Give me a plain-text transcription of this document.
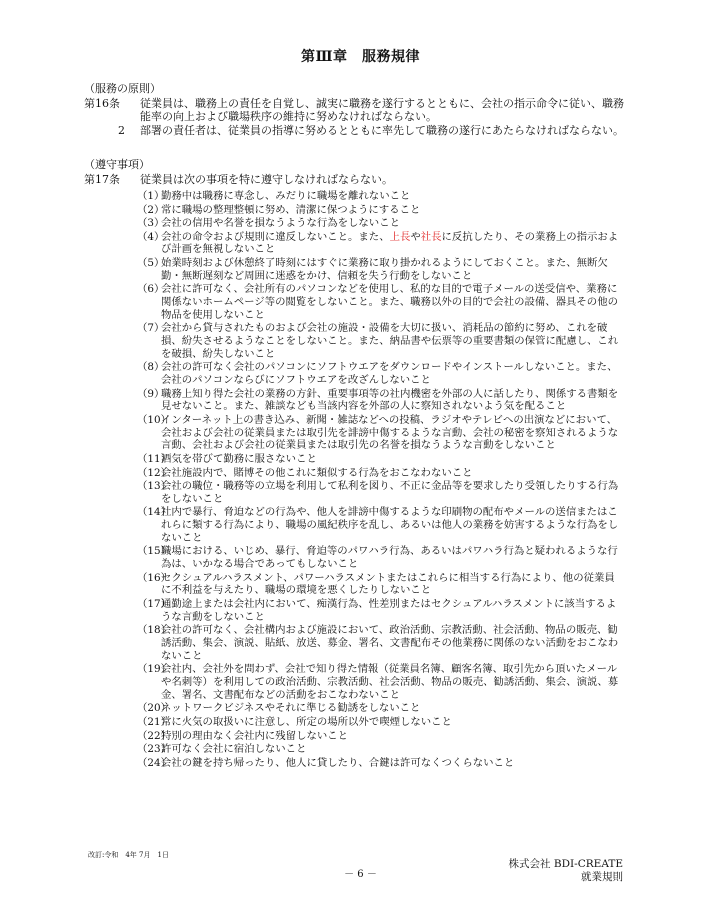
第Ⅲ章　服務規律
（服務の原則）
第16条 従業員は、職務上の責任を自覚し、誠実に職務を遂行するとともに、会社の指示命令に従い、職務能率の向上および職場秩序の維持に努めなければならない。
2 部署の責任者は、従業員の指導に努めるとともに率先して職務の遂行にあたらなければならない。
（遵守事項）
第17条 従業員は次の事項を特に遵守しなければならない。
（1）
勤務中は職務に専念し、みだりに職場を離れないこと
（2）
常に職場の整理整頓に努め、清潔に保つようにすること
（3）
会社の信用や名誉を損なうような行為をしないこと
（4）
会社の命令および規則に違反しないこと。また、上長や社長に反抗したり、その業務上の指示および計画を無視しないこと
（5）
始業時刻および休憩終了時刻にはすぐに業務に取り掛かれるようにしておくこと。また、無断欠勤・無断遅刻など周囲に迷惑をかけ、信頼を失う行動をしないこと
（6）
会社に許可なく、会社所有のパソコンなどを使用し、私的な目的で電子メールの送受信や、業務に関係ないホームページ等の閲覧をしないこと。また、職務以外の目的で会社の設備、器具その他の物品を使用しないこと
（7）
会社から貸与されたものおよび会社の施設・設備を大切に扱い、消耗品の節約に努め、これを破損、紛失させるようなことをしないこと。また、納品書や伝票等の重要書類の保管に配慮し、これを破損、紛失しないこと
（8）
会社の許可なく会社のパソコンにソフトウエアをダウンロードやインストールしないこと。また、会社のパソコンならびにソフトウエアを改ざんしないこと
（9）
職務上知り得た会社の業務の方針、重要事項等の社内機密を外部の人に話したり、関係する書類を見せないこと。また、雑談なども当該内容を外部の人に察知されないよう気を配ること
（10）
インターネット上の書き込み、新聞・雑誌などへの投稿、ラジオやテレビへの出演などにおいて、会社および会社の従業員または取引先を誹謗中傷するような言動、会社の秘密を察知されるような言動、会社および会社の従業員または取引先の名誉を損なうような言動をしないこと
（11）
酒気を帯びて勤務に服さないこと
（12）
会社施設内で、賭博その他これに類似する行為をおこなわないこと
（13）
会社の職位・職務等の立場を利用して私利を図り、不正に金品等を要求したり受領したりする行為をしないこと
（14）
社内で暴行、脅迫などの行為や、他人を誹謗中傷するような印刷物の配布やメールの送信またはこれらに類する行為により、職場の風紀秩序を乱し、あるいは他人の業務を妨害するような行為をしないこと
（15）
職場における、いじめ、暴行、脅迫等のパワハラ行為、あるいはパワハラ行為と疑われるような行為は、いかなる場合であってもしないこと
（16）
セクシュアルハラスメント、パワーハラスメントまたはこれらに相当する行為により、他の従業員に不利益を与えたり、職場の環境を悪くしたりしないこと
（17）
通勤途上または会社内において、痴漢行為、性差別またはセクシュアルハラスメントに該当するような言動をしないこと
（18）
会社の許可なく、会社構内および施設において、政治活動、宗教活動、社会活動、物品の販売、勧誘活動、集会、演説、貼紙、放送、募金、署名、文書配布その他業務に関係のない活動をおこなわないこと
（19）
会社内、会社外を問わず、会社で知り得た情報（従業員名簿、顧客名簿、取引先から頂いたメールや名刺等）を利用しての政治活動、宗教活動、社会活動、物品の販売、勧誘活動、集会、演説、募金、署名、文書配布などの活動をおこなわないこと
（20）
ネットワークビジネスやそれに準じる勧誘をしないこと
（21）
常に火気の取扱いに注意し、所定の場所以外で喫煙しないこと
（22）
特別の理由なく会社内に残留しないこと
（23）
許可なく会社に宿泊しないこと
（24）
会社の鍵を持ち帰ったり、他人に貸したり、合鍵は許可なくつくらないこと
改訂:令和　4年 7月　1日
－ 6 －
株式会社 BDI-CREATE
就業規則
